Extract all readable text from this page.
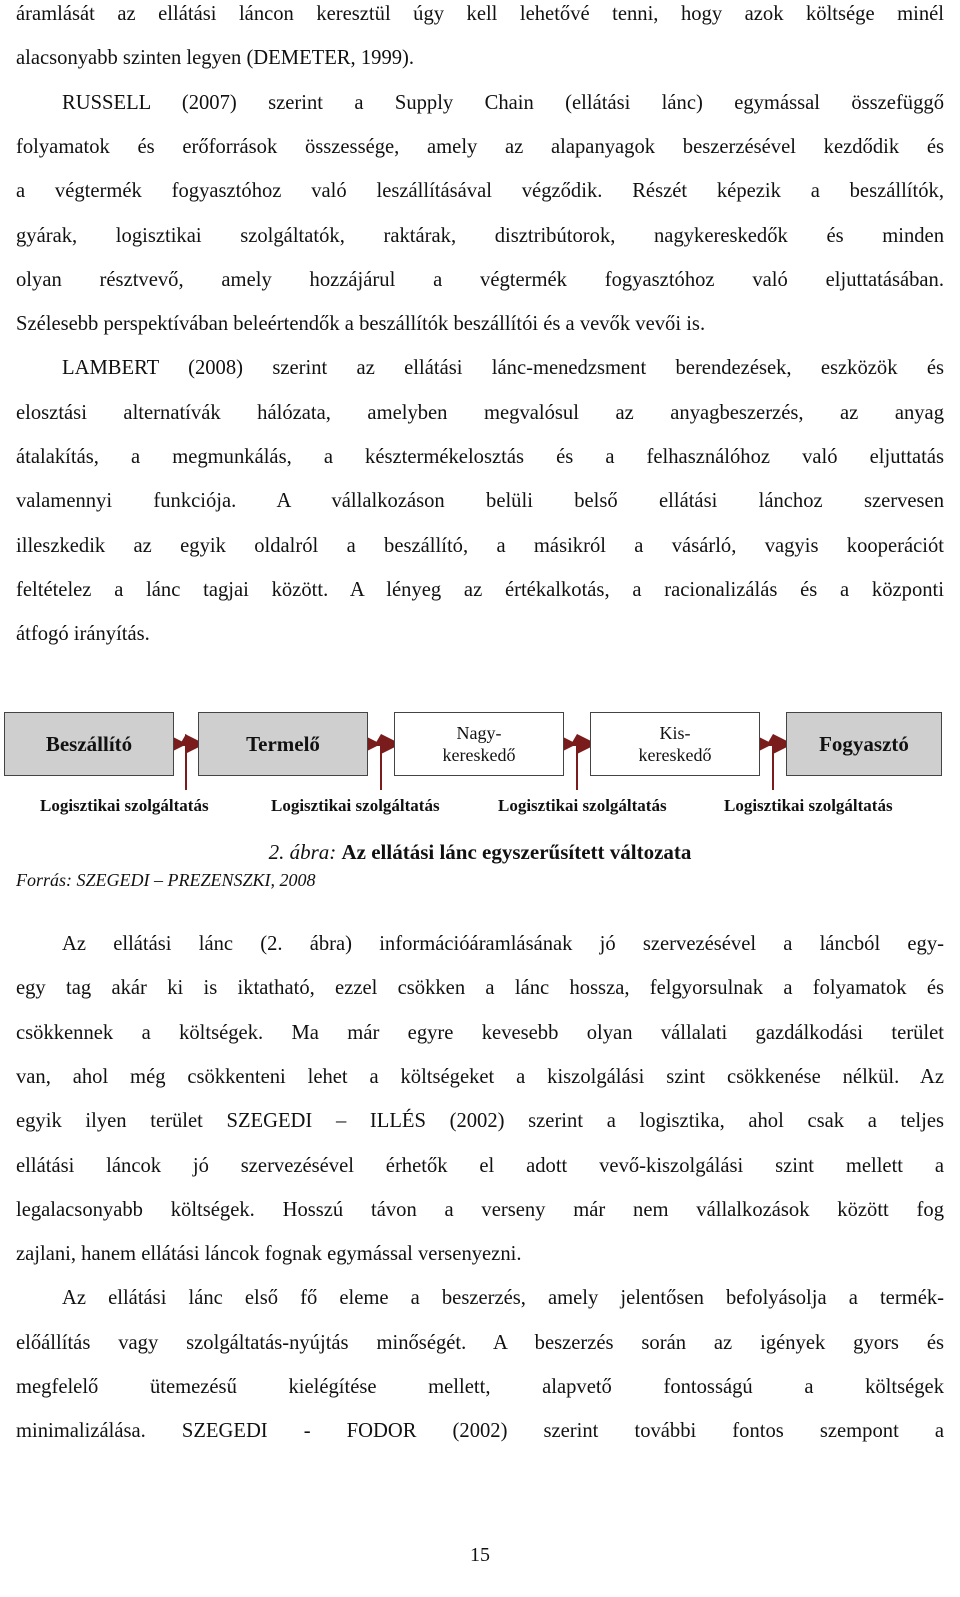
áramlását az ellátási láncon keresztül úgy kell lehetővé tenni, hogy azok költsége minél
alacsonyabb szinten legyen (DEMETER, 1999).
RUSSELL (2007) szerint a Supply Chain (ellátási lánc) egymással összefüggő
folyamatok és erőforrások összessége, amely az alapanyagok beszerzésével kezdődik és
a végtermék fogyasztóhoz való leszállításával végződik. Részét képezik a beszállítók,
gyárak, logisztikai szolgáltatók, raktárak, disztribútorok, nagykereskedők és minden
olyan résztvevő, amely hozzájárul a végtermék fogyasztóhoz való eljuttatásában.
Szélesebb perspektívában beleértendők a beszállítók beszállítói és a vevők vevői is.
LAMBERT (2008) szerint az ellátási lánc-menedzsment berendezések, eszközök és
elosztási alternatívák hálózata, amelyben megvalósul az anyagbeszerzés, az anyag
átalakítás, a megmunkálás, a késztermékelosztás és a felhasználóhoz való eljuttatás
valamennyi funkciója. A vállalkozáson belüli belső ellátási lánchoz szervesen
illeszkedik az egyik oldalról a beszállító, a másikról a vásárló, vagyis kooperációt
feltételez a lánc tagjai között. A lényeg az értékalkotás, a racionalizálás és a központi
átfogó irányítás.
Beszállító	Termelő	Nagy-
kereskedő
Kis-
kereskedő	Fogyasztó
Logisztikai szolgáltatás	Logisztikai szolgáltatás	Logisztikai szolgáltatás	Logisztikai szolgáltatás
2. ábra: Az ellátási lánc egyszerűsített változata
Forrás: SZEGEDI – PREZENSZKI, 2008
Az ellátási lánc (2. ábra) információáramlásának jó szervezésével a láncból egy-
egy tag akár ki is iktatható, ezzel csökken a lánc hossza, felgyorsulnak a folyamatok és
csökkennek a költségek. Ma már egyre kevesebb olyan vállalati gazdálkodási terület
van, ahol még csökkenteni lehet a költségeket a kiszolgálási szint csökkenése nélkül. Az
egyik ilyen terület SZEGEDI – ILLÉS (2002) szerint a logisztika, ahol csak a teljes
ellátási láncok jó szervezésével érhetők el adott vevő-kiszolgálási szint mellett a
legalacsonyabb költségek. Hosszú távon a verseny már nem vállalkozások között fog
zajlani, hanem ellátási láncok fognak egymással versenyezni.
Az ellátási lánc első fő eleme a beszerzés, amely jelentősen befolyásolja a termék-
előállítás vagy szolgáltatás-nyújtás minőségét. A beszerzés során az igények gyors és
megfelelő ütemezésű kielégítése mellett, alapvető fontosságú a költségek
minimalizálása. SZEGEDI - FODOR (2002) szerint további fontos szempont a
15
